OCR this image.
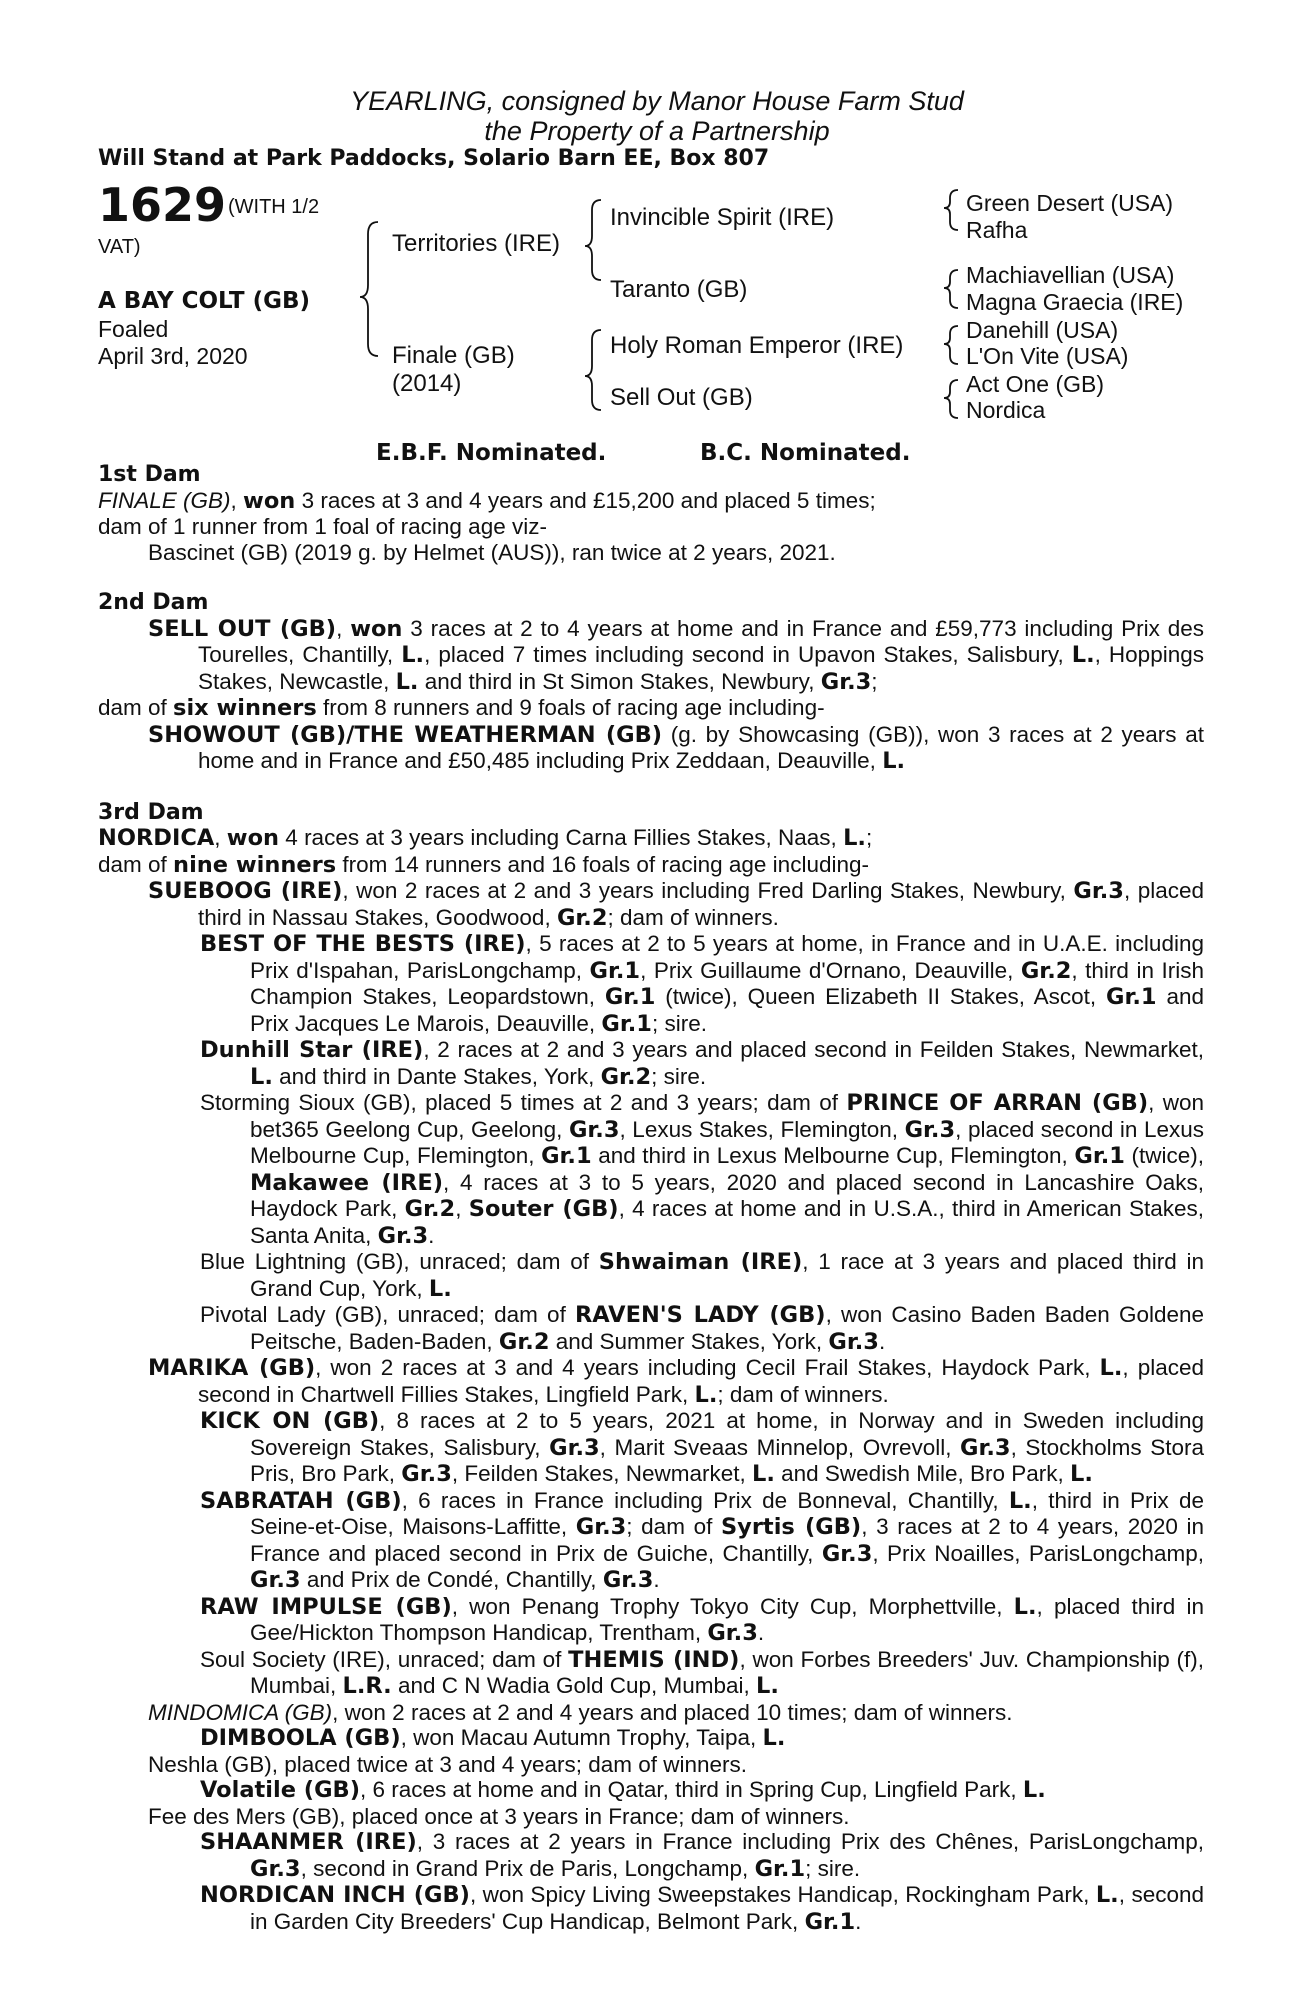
YEARLING, consigned by Manor House Farm Stud
the Property of a Partnership
Will Stand at Park Paddocks, Solario Barn EE, Box 807
1629 (WITH 1/2
VAT)
A BAY COLT (GB)
Foaled
April 3rd, 2020
Territories (IRE)
Finale (GB)
(2014)
Invincible Spirit (IRE)
Taranto (GB)
Holy Roman Emperor (IRE)
Sell Out (GB)
Green Desert (USA)
Rafha
Machiavellian (USA)
Magna Graecia (IRE)
Danehill (USA)
L'On Vite (USA)
Act One (GB)
Nordica
E.B.F. Nominated.	B.C. Nominated.

1st Dam

FINALE (GB), won 3 races at 3 and 4 years and £15,200 and placed 5 times;

dam of 1 runner from 1 foal of racing age viz-

Bascinet (GB) (2019 g. by Helmet (AUS)), ran twice at 2 years, 2021.

2nd Dam

SELL OUT (GB), won 3 races at 2 to 4 years at home and in France and £59,773 including Prix des Tourelles, Chantilly, L., placed 7 times including second in Upavon Stakes, Salisbury, L., Hoppings Stakes, Newcastle, L. and third in St Simon Stakes, Newbury, Gr.3;

dam of six winners from 8 runners and 9 foals of racing age including-

SHOWOUT (GB)/THE WEATHERMAN (GB) (g. by Showcasing (GB)), won 3 races at 2 years at home and in France and £50,485 including Prix Zeddaan, Deauville, L.

3rd Dam

NORDICA, won 4 races at 3 years including Carna Fillies Stakes, Naas, L.;

dam of nine winners from 14 runners and 16 foals of racing age including-

SUEBOOG (IRE), won 2 races at 2 and 3 years including Fred Darling Stakes, Newbury, Gr.3, placed third in Nassau Stakes, Goodwood, Gr.2; dam of winners.

BEST OF THE BESTS (IRE), 5 races at 2 to 5 years at home, in France and in U.A.E. including Prix d'Ispahan, ParisLongchamp, Gr.1, Prix Guillaume d'Ornano, Deauville, Gr.2, third in Irish Champion Stakes, Leopardstown, Gr.1 (twice), Queen Elizabeth II Stakes, Ascot, Gr.1 and Prix Jacques Le Marois, Deauville, Gr.1; sire.

Dunhill Star (IRE), 2 races at 2 and 3 years and placed second in Feilden Stakes, Newmarket, L. and third in Dante Stakes, York, Gr.2; sire.

Storming Sioux (GB), placed 5 times at 2 and 3 years; dam of PRINCE OF ARRAN (GB), won bet365 Geelong Cup, Geelong, Gr.3, Lexus Stakes, Flemington, Gr.3, placed second in Lexus Melbourne Cup, Flemington, Gr.1 and third in Lexus Melbourne Cup, Flemington, Gr.1 (twice), Makawee (IRE), 4 races at 3 to 5 years, 2020 and placed second in Lancashire Oaks, Haydock Park, Gr.2, Souter (GB), 4 races at home and in U.S.A., third in American Stakes, Santa Anita, Gr.3.

Blue Lightning (GB), unraced; dam of Shwaiman (IRE), 1 race at 3 years and placed third in Grand Cup, York, L.

Pivotal Lady (GB), unraced; dam of RAVEN'S LADY (GB), won Casino Baden Baden Goldene Peitsche, Baden-Baden, Gr.2 and Summer Stakes, York, Gr.3.

MARIKA (GB), won 2 races at 3 and 4 years including Cecil Frail Stakes, Haydock Park, L., placed second in Chartwell Fillies Stakes, Lingfield Park, L.; dam of winners.

KICK ON (GB), 8 races at 2 to 5 years, 2021 at home, in Norway and in Sweden including Sovereign Stakes, Salisbury, Gr.3, Marit Sveaas Minnelop, Ovrevoll, Gr.3, Stockholms Stora Pris, Bro Park, Gr.3, Feilden Stakes, Newmarket, L. and Swedish Mile, Bro Park, L.

SABRATAH (GB), 6 races in France including Prix de Bonneval, Chantilly, L., third in Prix de Seine-et-Oise, Maisons-Laffitte, Gr.3; dam of Syrtis (GB), 3 races at 2 to 4 years, 2020 in France and placed second in Prix de Guiche, Chantilly, Gr.3, Prix Noailles, ParisLongchamp, Gr.3 and Prix de Condé, Chantilly, Gr.3.

RAW IMPULSE (GB), won Penang Trophy Tokyo City Cup, Morphettville, L., placed third in Gee/Hickton Thompson Handicap, Trentham, Gr.3.

Soul Society (IRE), unraced; dam of THEMIS (IND), won Forbes Breeders' Juv. Championship (f), Mumbai, L.R. and C N Wadia Gold Cup, Mumbai, L.

MINDOMICA (GB), won 2 races at 2 and 4 years and placed 10 times; dam of winners.

DIMBOOLA (GB), won Macau Autumn Trophy, Taipa, L.

Neshla (GB), placed twice at 3 and 4 years; dam of winners.

Volatile (GB), 6 races at home and in Qatar, third in Spring Cup, Lingfield Park, L.

Fee des Mers (GB), placed once at 3 years in France; dam of winners.

SHAANMER (IRE), 3 races at 2 years in France including Prix des Chênes, ParisLongchamp, Gr.3, second in Grand Prix de Paris, Longchamp, Gr.1; sire.

NORDICAN INCH (GB), won Spicy Living Sweepstakes Handicap, Rockingham Park, L., second in Garden City Breeders' Cup Handicap, Belmont Park, Gr.1.
